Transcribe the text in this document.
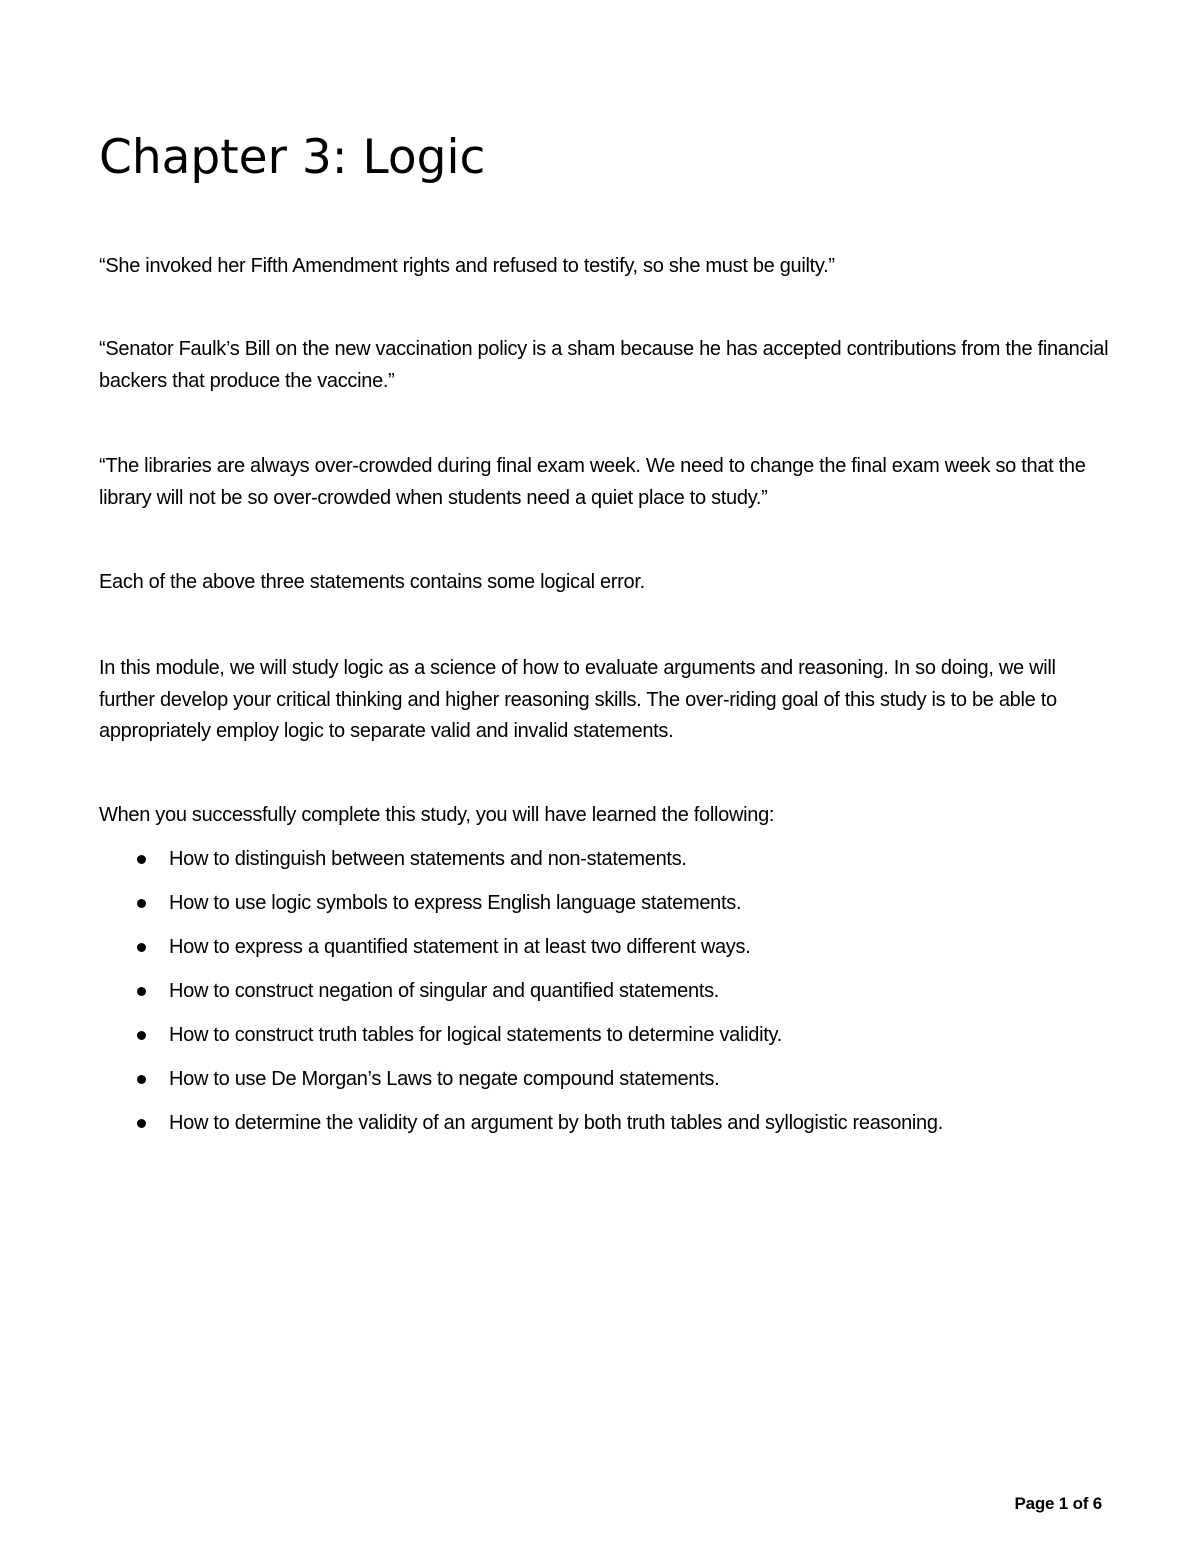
Chapter 3: Logic

“She invoked her Fifth Amendment rights and refused to testify, so she must be guilty.”

“Senator Faulk’s Bill on the new vaccination policy is a sham because he has accepted contributions from the financial backers that produce the vaccine.”

“The libraries are always over-crowded during final exam week. We need to change the final exam week so that the library will not be so over-crowded when students need a quiet place to study.”

Each of the above three statements contains some logical error.

In this module, we will study logic as a science of how to evaluate arguments and reasoning. In so doing, we will further develop your critical thinking and higher reasoning skills. The over-riding goal of this study is to be able to appropriately employ logic to separate valid and invalid statements.

When you successfully complete this study, you will have learned the following:

How to distinguish between statements and non-statements.
How to use logic symbols to express English language statements.
How to express a quantified statement in at least two different ways.
How to construct negation of singular and quantified statements.
How to construct truth tables for logical statements to determine validity.
How to use De Morgan’s Laws to negate compound statements.
How to determine the validity of an argument by both truth tables and syllogistic reasoning.
Page 1 of 6
